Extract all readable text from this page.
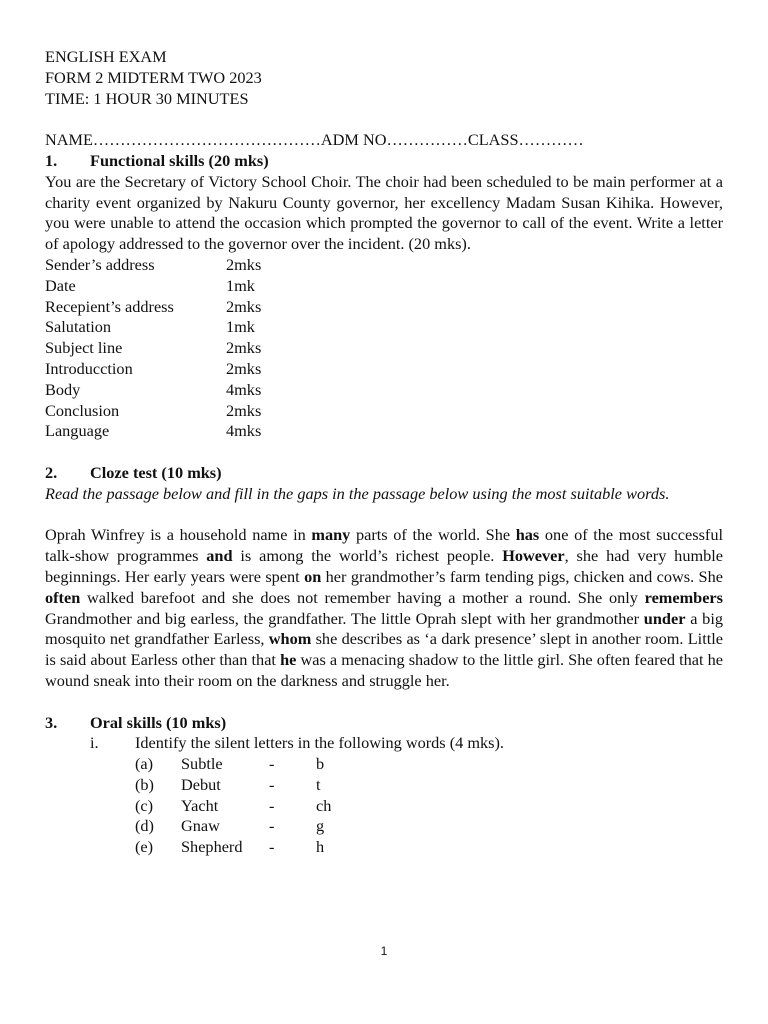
ENGLISH EXAM
FORM 2 MIDTERM TWO 2023
TIME: 1 HOUR 30 MINUTES
NAME……………………………………ADM NO……………CLASS…………
1.	Functional skills (20 mks)
You are the Secretary of Victory School Choir. The choir had been scheduled to be main performer at a charity event organized by Nakuru County governor, her excellency Madam Susan Kihika. However, you were unable to attend the occasion which prompted the governor to call of the event. Write a letter of apology addressed to the governor over the incident. (20 mks).
Sender’s address	2mks
Date	1mk
Recepient’s address	2mks
Salutation	1mk
Subject line	2mks
Introducction	2mks
Body	4mks
Conclusion	2mks
Language	4mks
2.	Cloze test (10 mks)
Read the passage below and fill in the gaps in the passage below using the most suitable words.
Oprah Winfrey is a household name in many parts of the world. She has one of the most successful talk-show programmes and is among the world’s richest people. However, she had very humble beginnings. Her early years were spent on her grandmother’s farm tending pigs, chicken and cows. She often walked barefoot and she does not remember having a mother a round. She only remembers Grandmother and big earless, the grandfather. The little Oprah slept with her grandmother under a big mosquito net grandfather Earless, whom she describes as ‘a dark presence’ slept in another room. Little is said about Earless other than that he was a menacing shadow to the little girl. She often feared that he wound sneak into their room on the darkness and struggle her.
3.	Oral skills (10 mks)
i.	Identify the silent letters in the following words (4 mks).
(a)	Subtle	-	b
(b)	Debut	-	t
(c)	Yacht	-	ch
(d)	Gnaw	-	g
(e)	Shepherd	-	h
1
